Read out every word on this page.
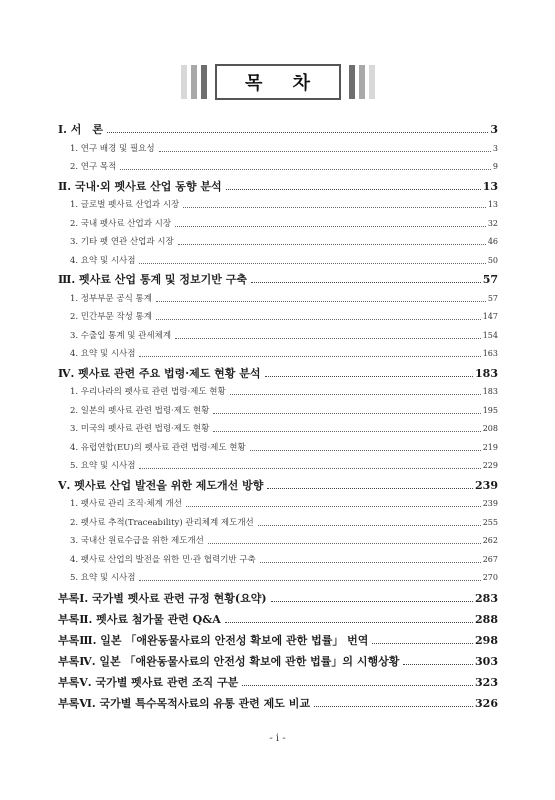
목 차
Ⅰ. 서　론	3
1. 연구 배경 및 필요성	3
2. 연구 목적	9
Ⅱ. 국내·외 펫사료 산업 동향 분석	13
1. 글로벌 펫사료 산업과 시장	13
2. 국내 펫사료 산업과 시장	32
3. 기타 펫 연관 산업과 시장	46
4. 요약 및 시사점	50
Ⅲ. 펫사료 산업 통계 및 정보기반 구축	57
1. 정부부문 공식 통계	57
2. 민간부문 작성 통계	147
3. 수출입 통계 및 관세체계	154
4. 요약 및 시사점	163
Ⅳ. 펫사료 관련 주요 법령·제도 현황 분석	183
1. 우리나라의 펫사료 관련 법령·제도 현황	183
2. 일본의 펫사료 관련 법령·제도 현황	195
3. 미국의 펫사료 관련 법령·제도 현황	208
4. 유럽연합(EU)의 펫사료 관련 법령·제도 현황	219
5. 요약 및 시사점	229
Ⅴ. 펫사료 산업 발전을 위한 제도개선 방향	239
1. 펫사료 관리 조직·체계 개선	239
2. 펫사료 추적(Traceability) 관리체계 제도개선	255
3. 국내산 원료수급을 위한 제도개선	262
4. 펫사료 산업의 발전을 위한 민·관 협력기반 구축	267
5. 요약 및 시사점	270
부록Ⅰ. 국가별 펫사료 관련 규정 현황(요약)	283
부록Ⅱ. 펫사료 첨가물 관련 Q&A	288
부록Ⅲ. 일본 「애완동물사료의 안전성 확보에 관한 법률」 번역	298
부록Ⅳ. 일본 「애완동물사료의 안전성 확보에 관한 법률」의 시행상황	303
부록Ⅴ. 국가별 펫사료 관련 조직 구분	323
부록Ⅵ. 국가별 특수목적사료의 유통 관련 제도 비교	326
- i -
